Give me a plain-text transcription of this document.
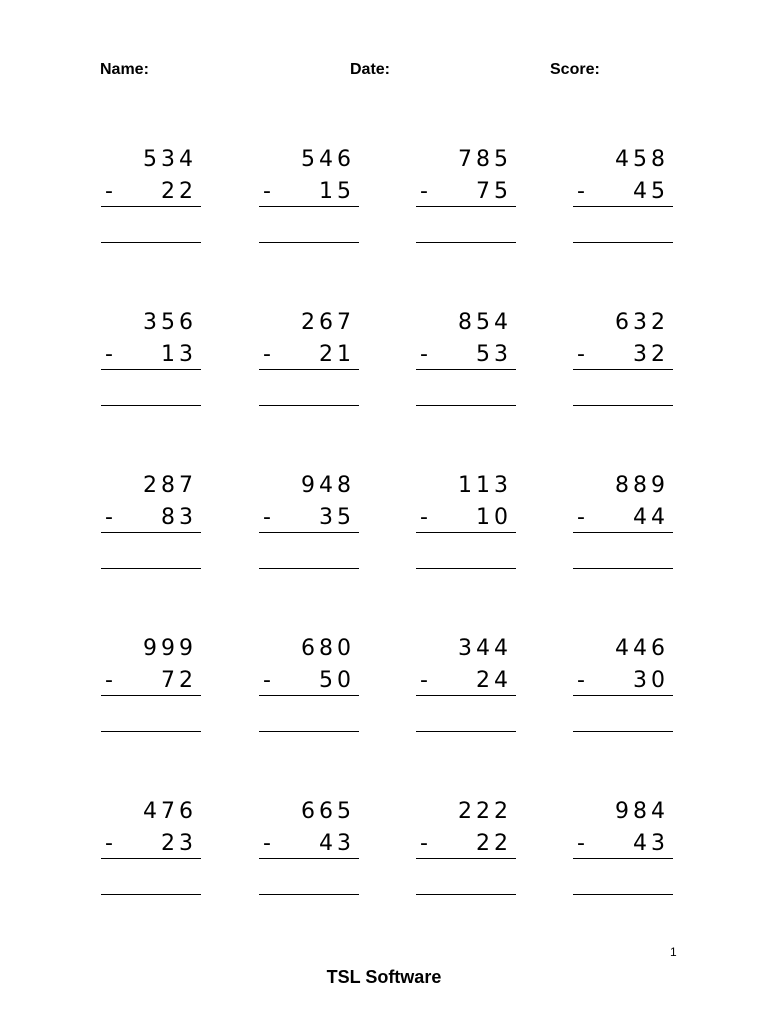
Name:	Date:	Score:
534
- 22
546
- 15
785
- 75
458
- 45
356
- 13
267
- 21
854
- 53
632
- 32
287
- 83
948
- 35
113
- 10
889
- 44
999
- 72
680
- 50
344
- 24
446
- 30
476
- 23
665
- 43
222
- 22
984
- 43
1
TSL Software
